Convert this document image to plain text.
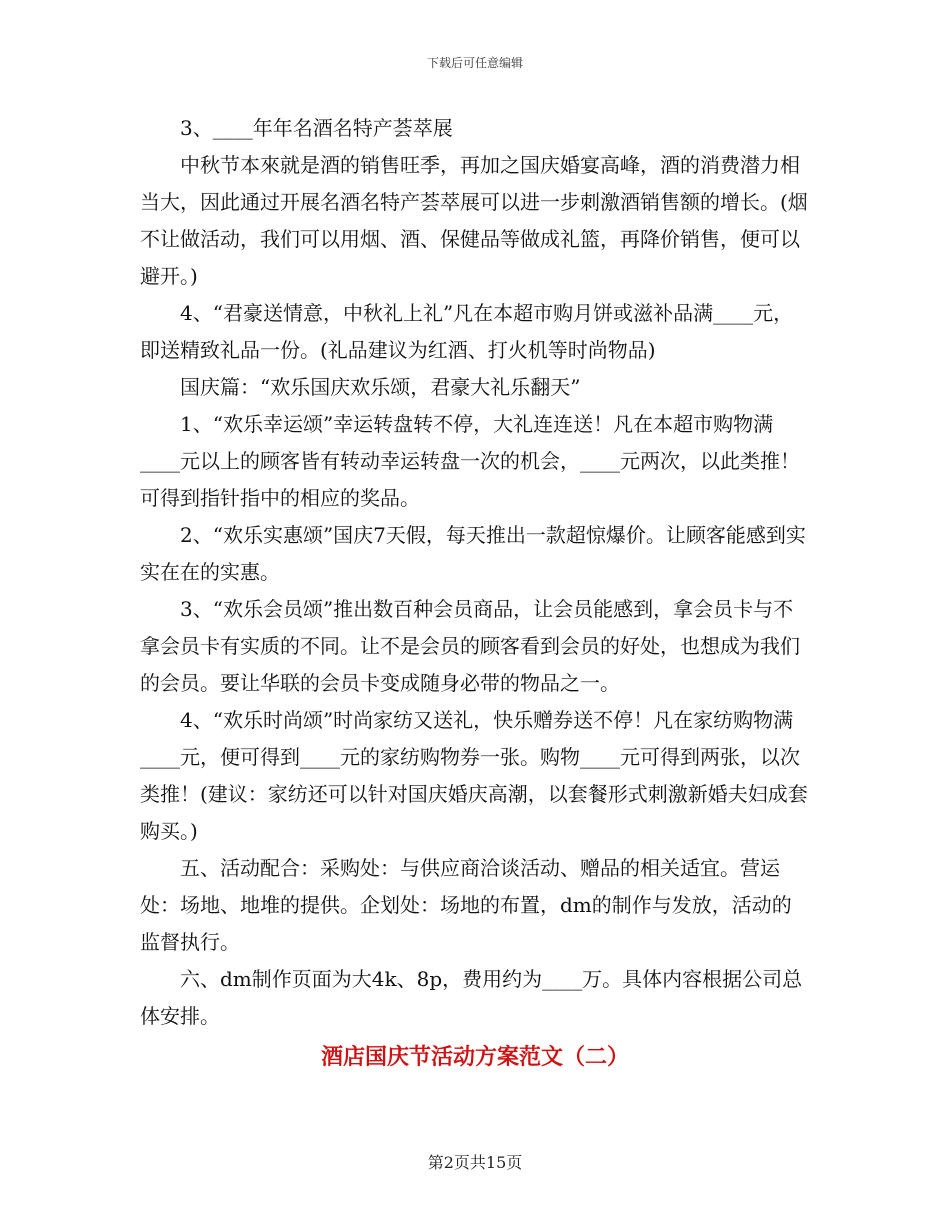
下载后可任意编辑

3、____年年名酒名特产荟萃展

中秋节本來就是酒的销售旺季，再加之国庆婚宴高峰，酒的消费潜力相当大，因此通过开展名酒名特产荟萃展可以进一步刺激酒销售额的增长。(烟不让做活动，我们可以用烟、酒、保健品等做成礼篮，再降价销售，便可以避开。)

4、“君豪送情意，中秋礼上礼”凡在本超市购月饼或滋补品满____元，即送精致礼品一份。(礼品建议为红酒、打火机等时尚物品)

国庆篇：“欢乐国庆欢乐颂，君豪大礼乐翻天”

1、“欢乐幸运颂”幸运转盘转不停，大礼连连送！凡在本超市购物满____元以上的顾客皆有转动幸运转盘一次的机会，____元两次，以此类推！可得到指针指中的相应的奖品。

2、“欢乐实惠颂”国庆7天假，每天推出一款超惊爆价。让顾客能感到实实在在的实惠。

3、“欢乐会员颂”推出数百种会员商品，让会员能感到，拿会员卡与不拿会员卡有实质的不同。让不是会员的顾客看到会员的好处，也想成为我们的会员。要让华联的会员卡变成随身必带的物品之一。

4、“欢乐时尚颂”时尚家纺又送礼，快乐赠券送不停！凡在家纺购物满____元，便可得到____元的家纺购物券一张。购物____元可得到两张，以次类推！(建议：家纺还可以针对国庆婚庆高潮，以套餐形式刺激新婚夫妇成套购买。)

五、活动配合：采购处：与供应商洽谈活动、赠品的相关适宜。营运处：场地、地堆的提供。企划处：场地的布置，dm的制作与发放，活动的监督执行。

六、dm制作页面为大4k、8p，费用约为____万。具体内容根据公司总体安排。

酒店国庆节活动方案范文（二）
第2页共15页
